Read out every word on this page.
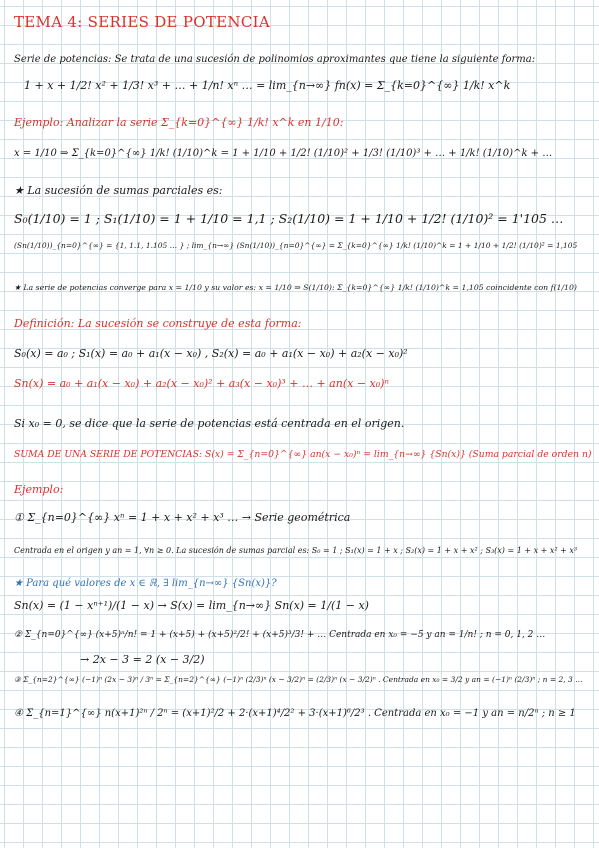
TEMA 4: SERIES DE POTENCIA
Serie de potencias: Se trata de una sucesión de polinomios aproximantes que tiene la siguiente forma:
1 + x + 1/2! x² + 1/3! x³ + … + 1/n! xⁿ … = lim_{n→∞} fn(x) = Σ_{k=0}^{∞} 1/k! x^k
Ejemplo: Analizar la serie Σ_{k=0}^{∞} 1/k! x^k en 1/10:
x = 1/10 ⇒ Σ_{k=0}^{∞} 1/k! (1/10)^k = 1 + 1/10 + 1/2! (1/10)² + 1/3! (1/10)³ + … + 1/k! (1/10)^k + …
★ La sucesión de sumas parciales es:
S₀(1/10) = 1 ; S₁(1/10) = 1 + 1/10 = 1,1 ; S₂(1/10) = 1 + 1/10 + 1/2! (1/10)² = 1'105 …
(Sn(1/10))_{n=0}^{∞} = {1, 1.1, 1.105 … } ; lim_{n→∞} (Sn(1/10))_{n=0}^{∞} = Σ_{k=0}^{∞} 1/k! (1/10)^k = 1 + 1/10 + 1/2! (1/10)² = 1,105
★ La serie de potencias converge para x = 1/10 y su valor es: x = 1/10 ⇒ S(1/10): Σ_{k=0}^{∞} 1/k! (1/10)^k = 1,105 coincidente con f(1/10)
Definición: La sucesión se construye de esta forma:
S₀(x) = a₀ ; S₁(x) = a₀ + a₁(x − x₀) , S₂(x) = a₀ + a₁(x − x₀) + a₂(x − x₀)²
Sn(x) = a₀ + a₁(x − x₀) + a₂(x − x₀)² + a₃(x − x₀)³ + … + an(x − x₀)ⁿ
Si x₀ = 0, se dice que la serie de potencias está centrada en el origen.
SUMA DE UNA SERIE DE POTENCIAS: S(x) = Σ_{n=0}^{∞} an(x − x₀)ⁿ = lim_{n→∞} {Sn(x)} (Suma parcial de orden n)
Ejemplo:
① Σ_{n=0}^{∞} xⁿ = 1 + x + x² + x³ … → Serie geométrica
Centrada en el origen y an = 1, ∀n ≥ 0. La sucesión de sumas parcial es: S₀ = 1 ; S₁(x) = 1 + x ; S₂(x) = 1 + x + x² ; S₃(x) = 1 + x + x² + x³
★ Para qué valores de x ∈ ℝ, ∃ lim_{n→∞} {Sn(x)}?
Sn(x) = (1 − xⁿ⁺¹)/(1 − x) → S(x) = lim_{n→∞} Sn(x) = 1/(1 − x)
② Σ_{n=0}^{∞} (x+5)ⁿ/n! = 1 + (x+5) + (x+5)²/2! + (x+5)³/3! + … Centrada en x₀ = −5 y an = 1/n! ; n = 0, 1, 2 …
→ 2x − 3 = 2 (x − 3/2)
③ Σ_{n=2}^{∞} (−1)ⁿ (2x − 3)ⁿ / 3ⁿ = Σ_{n=2}^{∞} (−1)ⁿ (2/3)ⁿ (x − 3/2)ⁿ = (2/3)ⁿ (x − 3/2)ⁿ . Centrada en x₀ = 3/2 y an = (−1)ⁿ (2/3)ⁿ ; n = 2, 3 …
④ Σ_{n=1}^{∞} n(x+1)²ⁿ / 2ⁿ = (x+1)²/2 + 2·(x+1)⁴/2² + 3·(x+1)⁶/2³ . Centrada en x₀ = −1 y an = n/2ⁿ ; n ≥ 1
